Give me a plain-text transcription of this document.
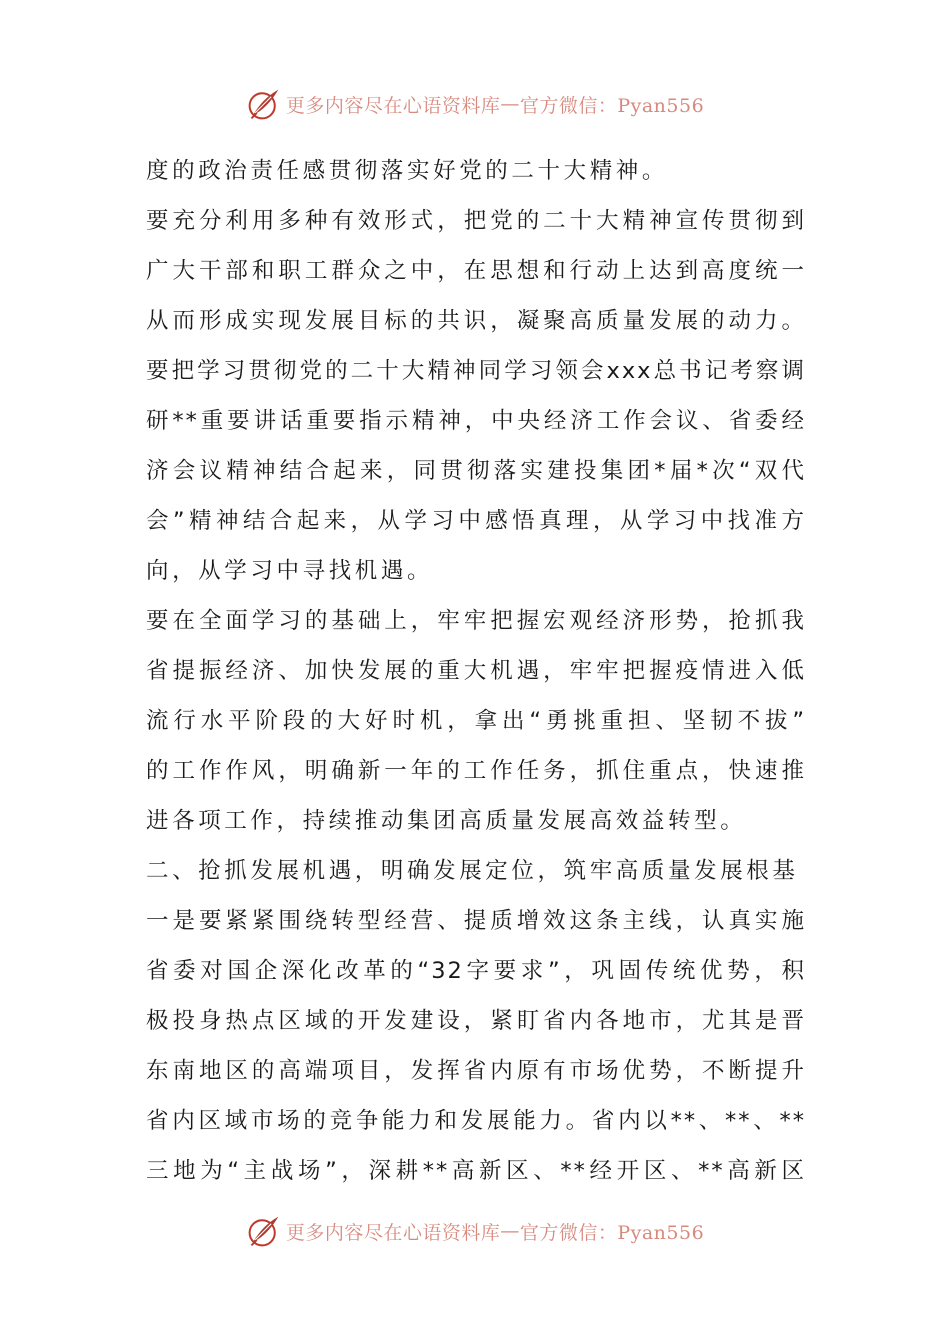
更多内容尽在心语资料库 — 官方微信：Pyan556
度的政治责任感贯彻落实好党的二十大精神。
要充分利用多种有效形式，把党的二十大精神宣传贯彻到
广大干部和职工群众之中，在思想和行动上达到高度统一
从而形成实现发展目标的共识，凝聚高质量发展的动力。
要把学习贯彻党的二十大精神同学习领会xxx总书记考察调
研**重要讲话重要指示精神，中央经济工作会议、省委经
济会议精神结合起来，同贯彻落实建投集团*届*次“双代
会”精神结合起来，从学习中感悟真理，从学习中找准方
向，从学习中寻找机遇。
要在全面学习的基础上，牢牢把握宏观经济形势，抢抓我
省提振经济、加快发展的重大机遇，牢牢把握疫情进入低
流行水平阶段的大好时机，拿出“勇挑重担、坚韧不拔”
的工作作风，明确新一年的工作任务，抓住重点，快速推
进各项工作，持续推动集团高质量发展高效益转型。
二、抢抓发展机遇，明确发展定位，筑牢高质量发展根基
一是要紧紧围绕转型经营、提质增效这条主线，认真实施
省委对国企深化改革的“32字要求”，巩固传统优势，积
极投身热点区域的开发建设，紧盯省内各地市，尤其是晋
东南地区的高端项目，发挥省内原有市场优势，不断提升
省内区域市场的竞争能力和发展能力。省内以**、**、**
三地为“主战场”，深耕**高新区、**经开区、**高新区
更多内容尽在心语资料库 — 官方微信：Pyan556
